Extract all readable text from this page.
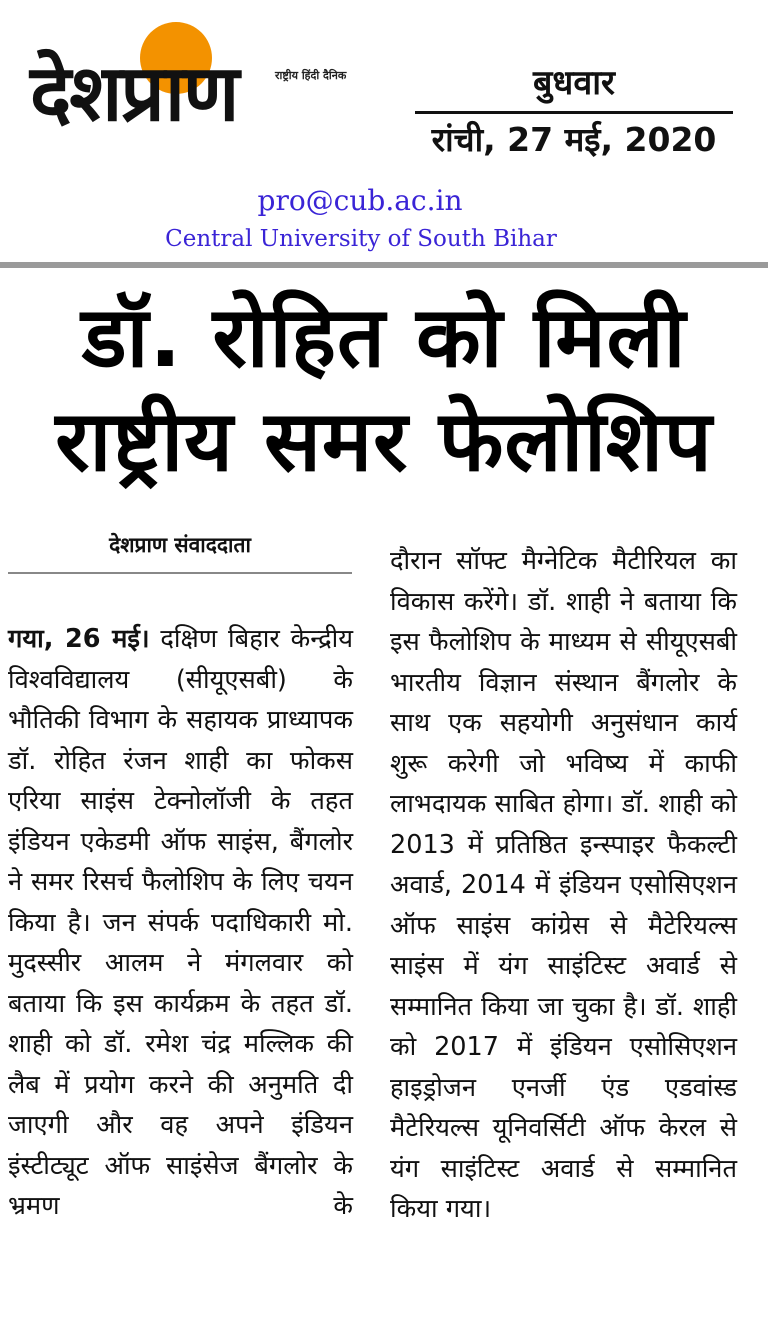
देशप्राण	राष्ट्रीय हिंदी दैनिक	बुधवार
रांची, 27 मई, 2020
pro@cub.ac.in
Central University of South Bihar
डॉ. रोहित को मिली
राष्ट्रीय समर फेलोशिप
देशप्राण संवाददाता

गया, 26 मई। दक्षिण बिहार केन्द्रीय विश्वविद्यालय (सीयूएसबी) के भौतिकी विभाग के सहायक प्राध्यापक डॉ. रोहित रंजन शाही का फोकस एरिया साइंस टेक्नोलॉजी के तहत इंडियन एकेडमी ऑफ साइंस, बैंगलोर ने समर रिसर्च फैलोशिप के लिए चयन किया है। जन संपर्क पदाधिकारी मो. मुदस्सीर आलम ने मंगलवार को बताया कि इस कार्यक्रम के तहत डॉ. शाही को डॉ. रमेश चंद्र मल्लिक की लैब में प्रयोग करने की अनुमति दी जाएगी और वह अपने इंडियन इंस्टीट्यूट ऑफ साइंसेज बैंगलोर के भ्रमण के

दौरान सॉफ्ट मैग्नेटिक मैटीरियल का विकास करेंगे। डॉ. शाही ने बताया कि इस फैलोशिप के माध्यम से सीयूएसबी भारतीय विज्ञान संस्थान बैंगलोर के साथ एक सहयोगी अनुसंधान कार्य शुरू करेगी जो भविष्य में काफी लाभदायक साबित होगा। डॉ. शाही को 2013 में प्रतिष्ठित इन्स्पाइर फैकल्टी अवार्ड, 2014 में इंडियन एसोसिएशन ऑफ साइंस कांग्रेस से मैटेरियल्स साइंस में यंग साइंटिस्ट अवार्ड से सम्मानित किया जा चुका है। डॉ. शाही को 2017 में इंडियन एसोसिएशन हाइड्रोजन एनर्जी एंड एडवांस्ड मैटेरियल्स यूनिवर्सिटी ऑफ केरल से यंग साइंटिस्ट अवार्ड से सम्मानित किया गया।
